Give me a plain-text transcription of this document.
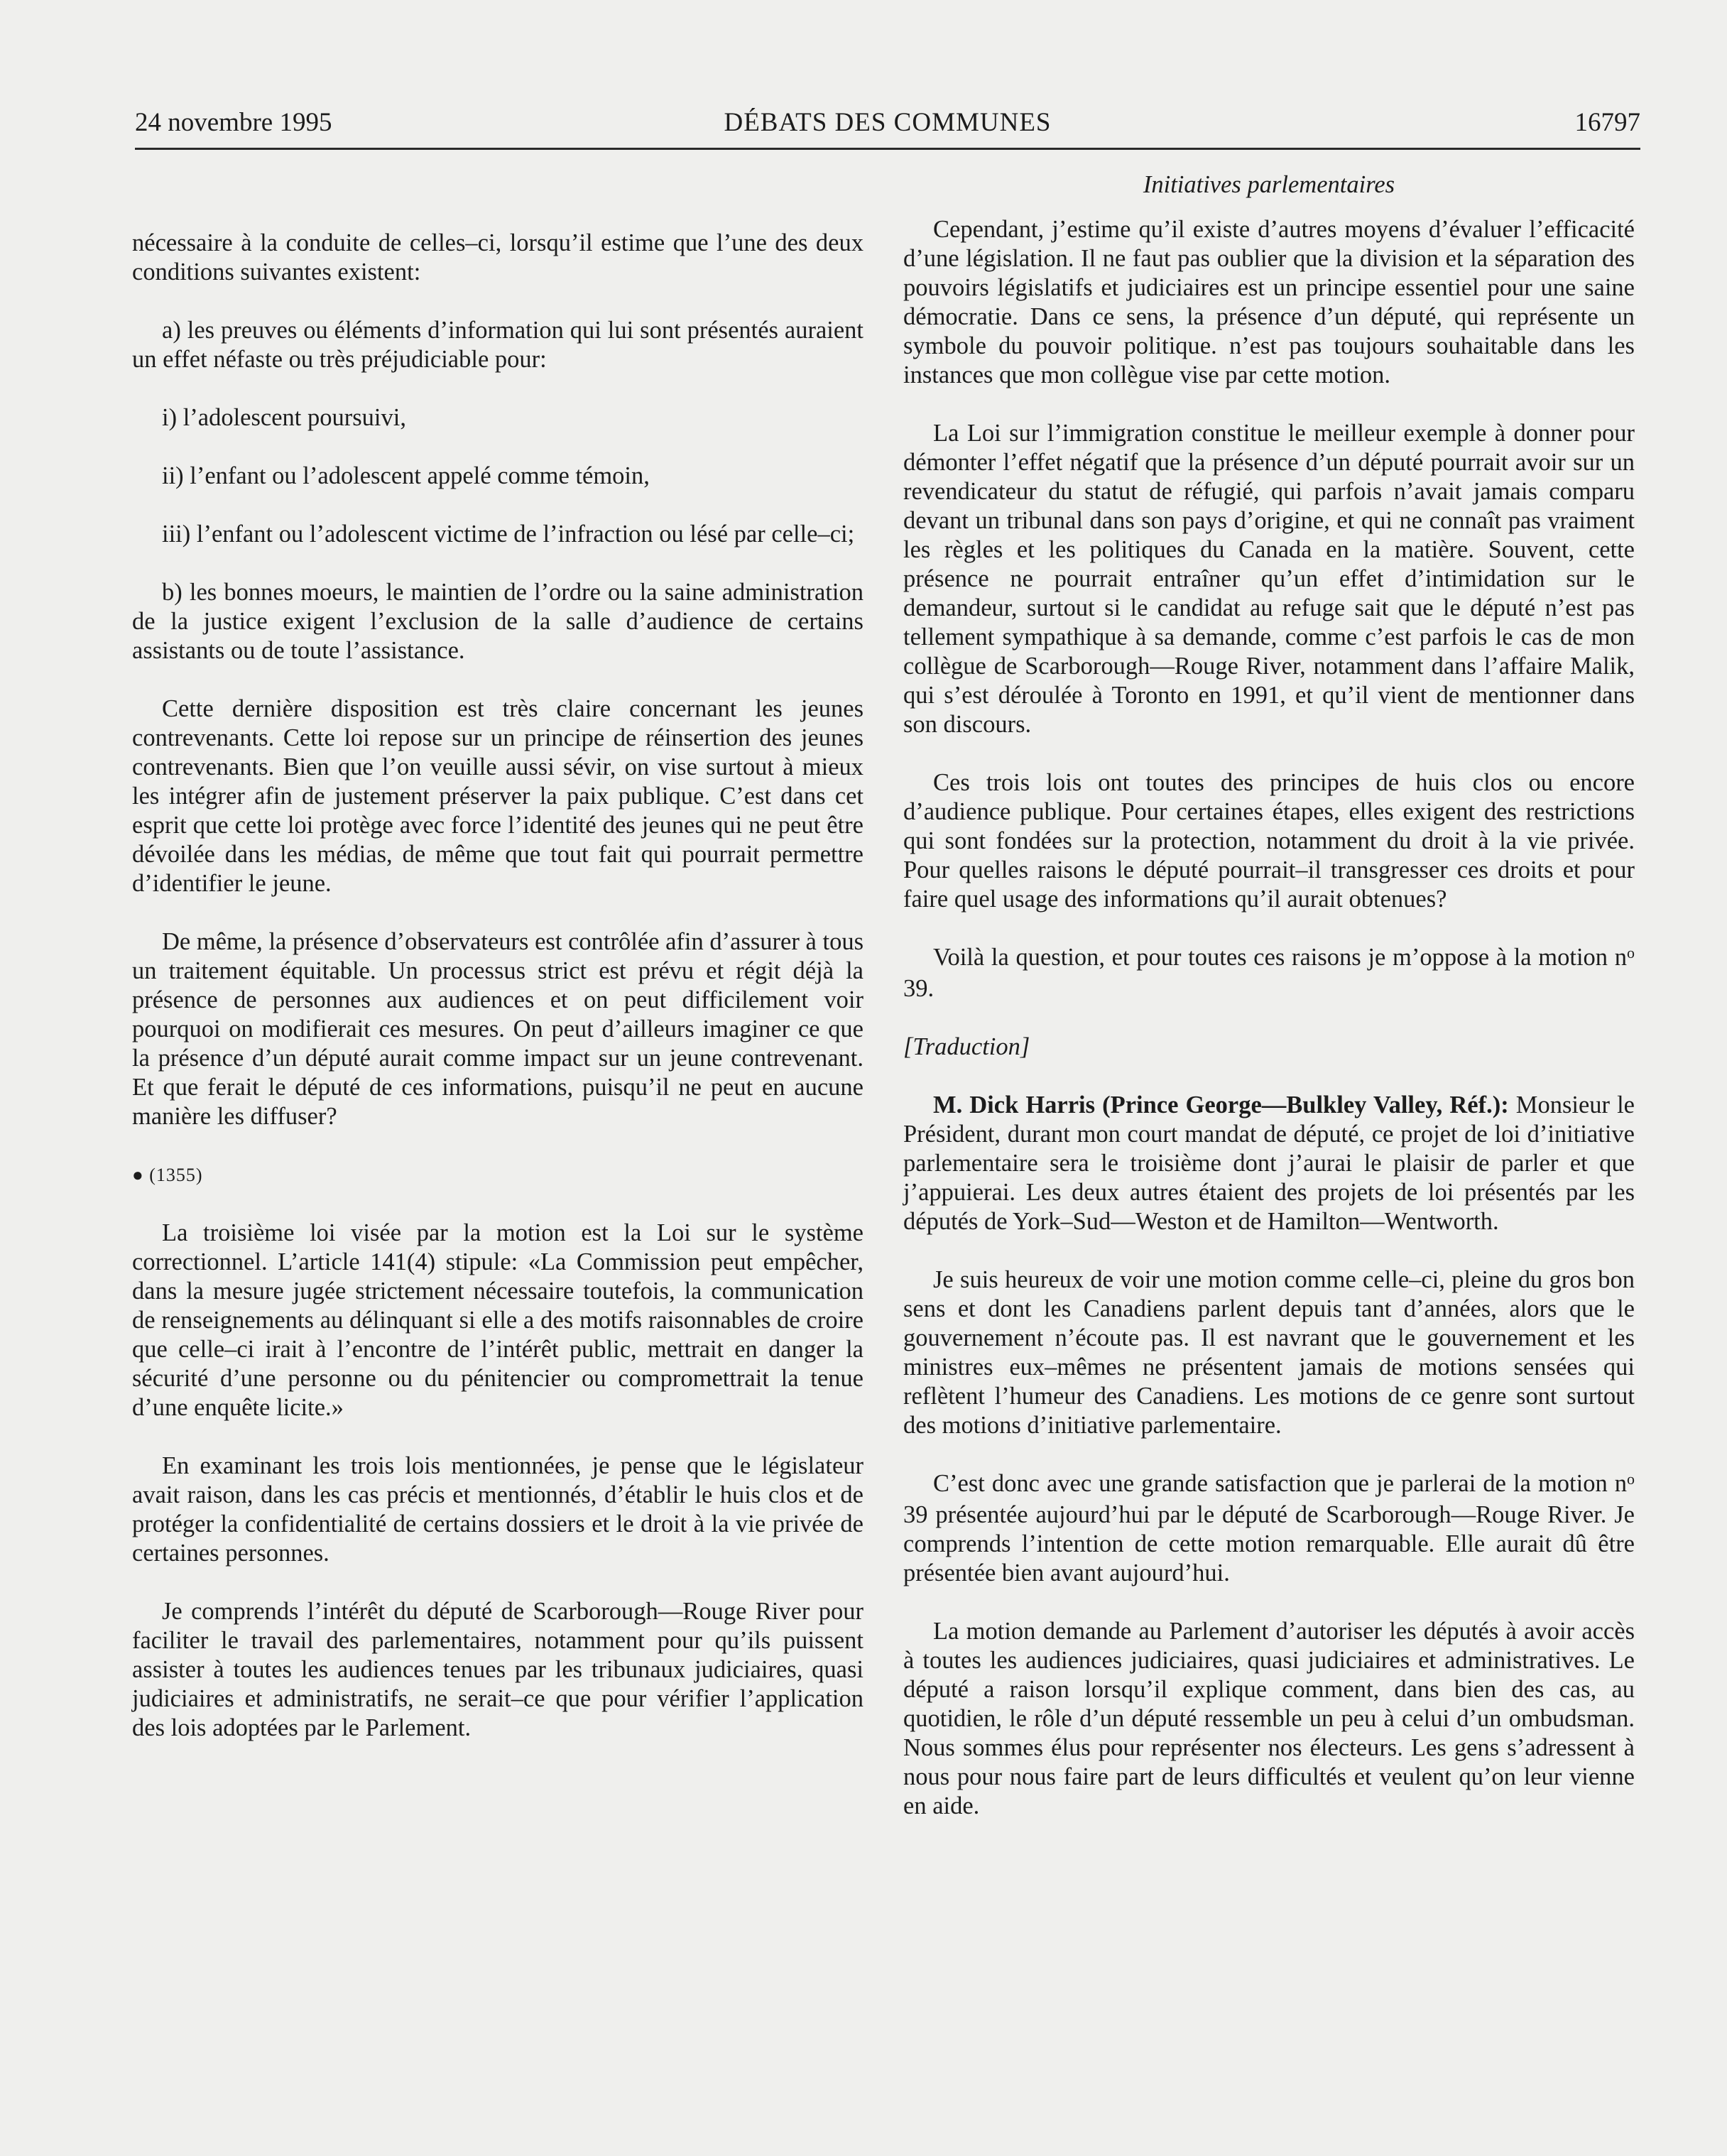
24 novembre 1995	DÉBATS DES COMMUNES	16797

nécessaire à la conduite de celles–ci, lorsqu’il estime que l’une des deux conditions suivantes existent:

a) les preuves ou éléments d’information qui lui sont présentés auraient un effet néfaste ou très préjudiciable pour:

i) l’adolescent poursuivi,

ii) l’enfant ou l’adolescent appelé comme témoin,

iii) l’enfant ou l’adolescent victime de l’infraction ou lésé par celle–ci;

b) les bonnes moeurs, le maintien de l’ordre ou la saine administration de la justice exigent l’exclusion de la salle d’audience de certains assistants ou de toute l’assistance.

Cette dernière disposition est très claire concernant les jeunes contrevenants. Cette loi repose sur un principe de réinsertion des jeunes contrevenants. Bien que l’on veuille aussi sévir, on vise surtout à mieux les intégrer afin de justement préserver la paix publique. C’est dans cet esprit que cette loi protège avec force l’identité des jeunes qui ne peut être dévoilée dans les médias, de même que tout fait qui pourrait permettre d’identifier le jeune.

De même, la présence d’observateurs est contrôlée afin d’assurer à tous un traitement équitable. Un processus strict est prévu et régit déjà la présence de personnes aux audiences et on peut difficilement voir pourquoi on modifierait ces mesures. On peut d’ailleurs imaginer ce que la présence d’un député aurait comme impact sur un jeune contrevenant. Et que ferait le député de ces informations, puisqu’il ne peut en aucune manière les diffuser?

● (1355)

La troisième loi visée par la motion est la Loi sur le système correctionnel. L’article 141(4) stipule: «La Commission peut empêcher, dans la mesure jugée strictement nécessaire toutefois, la communication de renseignements au délinquant si elle a des motifs raisonnables de croire que celle–ci irait à l’encontre de l’intérêt public, mettrait en danger la sécurité d’une personne ou du pénitencier ou compromettrait la tenue d’une enquête licite.»

En examinant les trois lois mentionnées, je pense que le législateur avait raison, dans les cas précis et mentionnés, d’établir le huis clos et de protéger la confidentialité de certains dossiers et le droit à la vie privée de certaines personnes.

Je comprends l’intérêt du député de Scarborough—Rouge River pour faciliter le travail des parlementaires, notamment pour qu’ils puissent assister à toutes les audiences tenues par les tribunaux judiciaires, quasi judiciaires et administratifs, ne serait–ce que pour vérifier l’application des lois adoptées par le Parlement.

Initiatives parlementaires

Cependant, j’estime qu’il existe d’autres moyens d’évaluer l’efficacité d’une législation. Il ne faut pas oublier que la division et la séparation des pouvoirs législatifs et judiciaires est un principe essentiel pour une saine démocratie. Dans ce sens, la présence d’un député, qui représente un symbole du pouvoir politique. n’est pas toujours souhaitable dans les instances que mon collègue vise par cette motion.

La Loi sur l’immigration constitue le meilleur exemple à donner pour démonter l’effet négatif que la présence d’un député pourrait avoir sur un revendicateur du statut de réfugié, qui parfois n’avait jamais comparu devant un tribunal dans son pays d’origine, et qui ne connaît pas vraiment les règles et les politiques du Canada en la matière. Souvent, cette présence ne pourrait entraîner qu’un effet d’intimidation sur le demandeur, surtout si le candidat au refuge sait que le député n’est pas tellement sympathique à sa demande, comme c’est parfois le cas de mon collègue de Scarborough—Rouge River, notamment dans l’affaire Malik, qui s’est déroulée à Toronto en 1991, et qu’il vient de mentionner dans son discours.

Ces trois lois ont toutes des principes de huis clos ou encore d’audience publique. Pour certaines étapes, elles exigent des restrictions qui sont fondées sur la protection, notamment du droit à la vie privée. Pour quelles raisons le député pourrait–il transgresser ces droits et pour faire quel usage des informations qu’il aurait obtenues?

Voilà la question, et pour toutes ces raisons je m’oppose à la motion $n^o$ 39.

[Traduction]

M. Dick Harris (Prince George—Bulkley Valley, Réf.): Monsieur le Président, durant mon court mandat de député, ce projet de loi d’initiative parlementaire sera le troisième dont j’aurai le plaisir de parler et que j’appuierai. Les deux autres étaient des projets de loi présentés par les députés de York–Sud—Weston et de Hamilton—Wentworth.

Je suis heureux de voir une motion comme celle–ci, pleine du gros bon sens et dont les Canadiens parlent depuis tant d’années, alors que le gouvernement n’écoute pas. Il est navrant que le gouvernement et les ministres eux–mêmes ne présentent jamais de motions sensées qui reflètent l’humeur des Canadiens. Les motions de ce genre sont surtout des motions d’initiative parlementaire.

C’est donc avec une grande satisfaction que je parlerai de la motion $n^o$ 39 présentée aujourd’hui par le député de Scarborough—Rouge River. Je comprends l’intention de cette motion remarquable. Elle aurait dû être présentée bien avant aujourd’hui.

La motion demande au Parlement d’autoriser les députés à avoir accès à toutes les audiences judiciaires, quasi judiciaires et administratives. Le député a raison lorsqu’il explique comment, dans bien des cas, au quotidien, le rôle d’un député ressemble un peu à celui d’un ombudsman. Nous sommes élus pour représenter nos électeurs. Les gens s’adressent à nous pour nous faire part de leurs difficultés et veulent qu’on leur vienne en aide.
